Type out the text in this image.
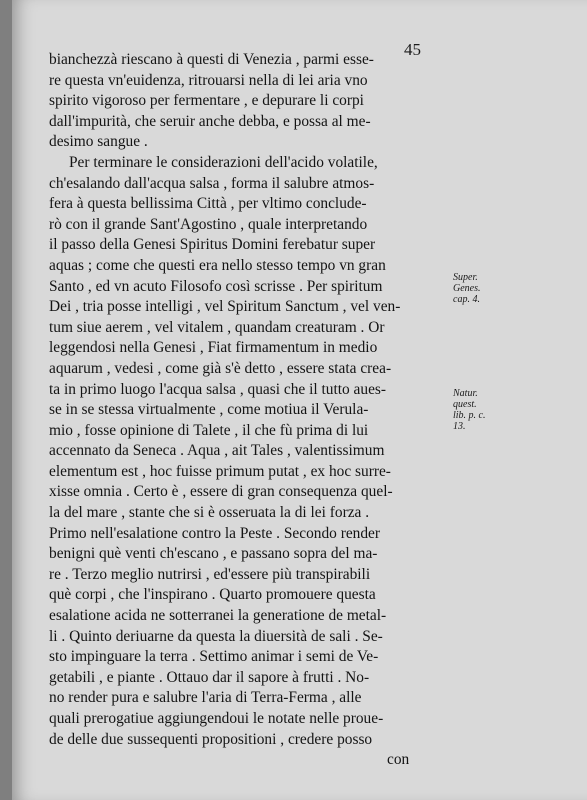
45
bianchezzà riescano à questi di Venezia , parmi esse-
re questa vn'euidenza, ritrouarsi nella di lei aria vno
spirito vigoroso per fermentare , e depurare li corpi
dall'impurità, che seruir anche debba, e possa al me-
desimo sangue .
Per terminare le considerazioni dell'acido volatile,
ch'esalando dall'acqua salsa , forma il salubre atmos-
fera à questa bellissima Città , per vltimo conclude-
rò con il grande Sant'Agostino , quale interpretando
il passo della Genesi Spiritus Domini ferebatur super
aquas ; come che questi era nello stesso tempo vn gran
Santo , ed vn acuto Filosofo così scrisse . Per spiritum
Dei , tria posse intelligi , vel Spiritum Sanctum , vel ven-
tum siue aerem , vel vitalem , quandam creaturam . Or
leggendosi nella Genesi , Fiat firmamentum in medio
aquarum , vedesi , come già s'è detto , essere stata crea-
ta in primo luogo l'acqua salsa , quasi che il tutto aues-
se in se stessa virtualmente , come motiua il Verula-
mio , fosse opinione di Talete , il che fù prima di lui
accennato da Seneca . Aqua , ait Tales , valentissimum
elementum est , hoc fuisse primum putat , ex hoc surre-
xisse omnia . Certo è , essere di gran consequenza quel-
la del mare , stante che si è osseruata la di lei forza .
Primo nell'esalatione contro la Peste . Secondo render
benigni què venti ch'escano , e passano sopra del ma-
re . Terzo meglio nutrirsi , ed'essere più transpirabili
què corpi , che l'inspirano . Quarto promouere questa
esalatione acida ne sotterranei la generatione de metal-
li . Quinto deriuarne da questa la diuersità de sali . Se-
sto impinguare la terra . Settimo animar i semi de Ve-
getabili , e piante . Ottauo dar il sapore à frutti . No-
no render pura e salubre l'aria di Terra-Ferma , alle
quali prerogatiue aggiungendoui le notate nelle proue-
de delle due sussequenti propositioni , credere posso
con
Super. Genes. cap. 4.
Natur. quest. lib. p. c. 13.
